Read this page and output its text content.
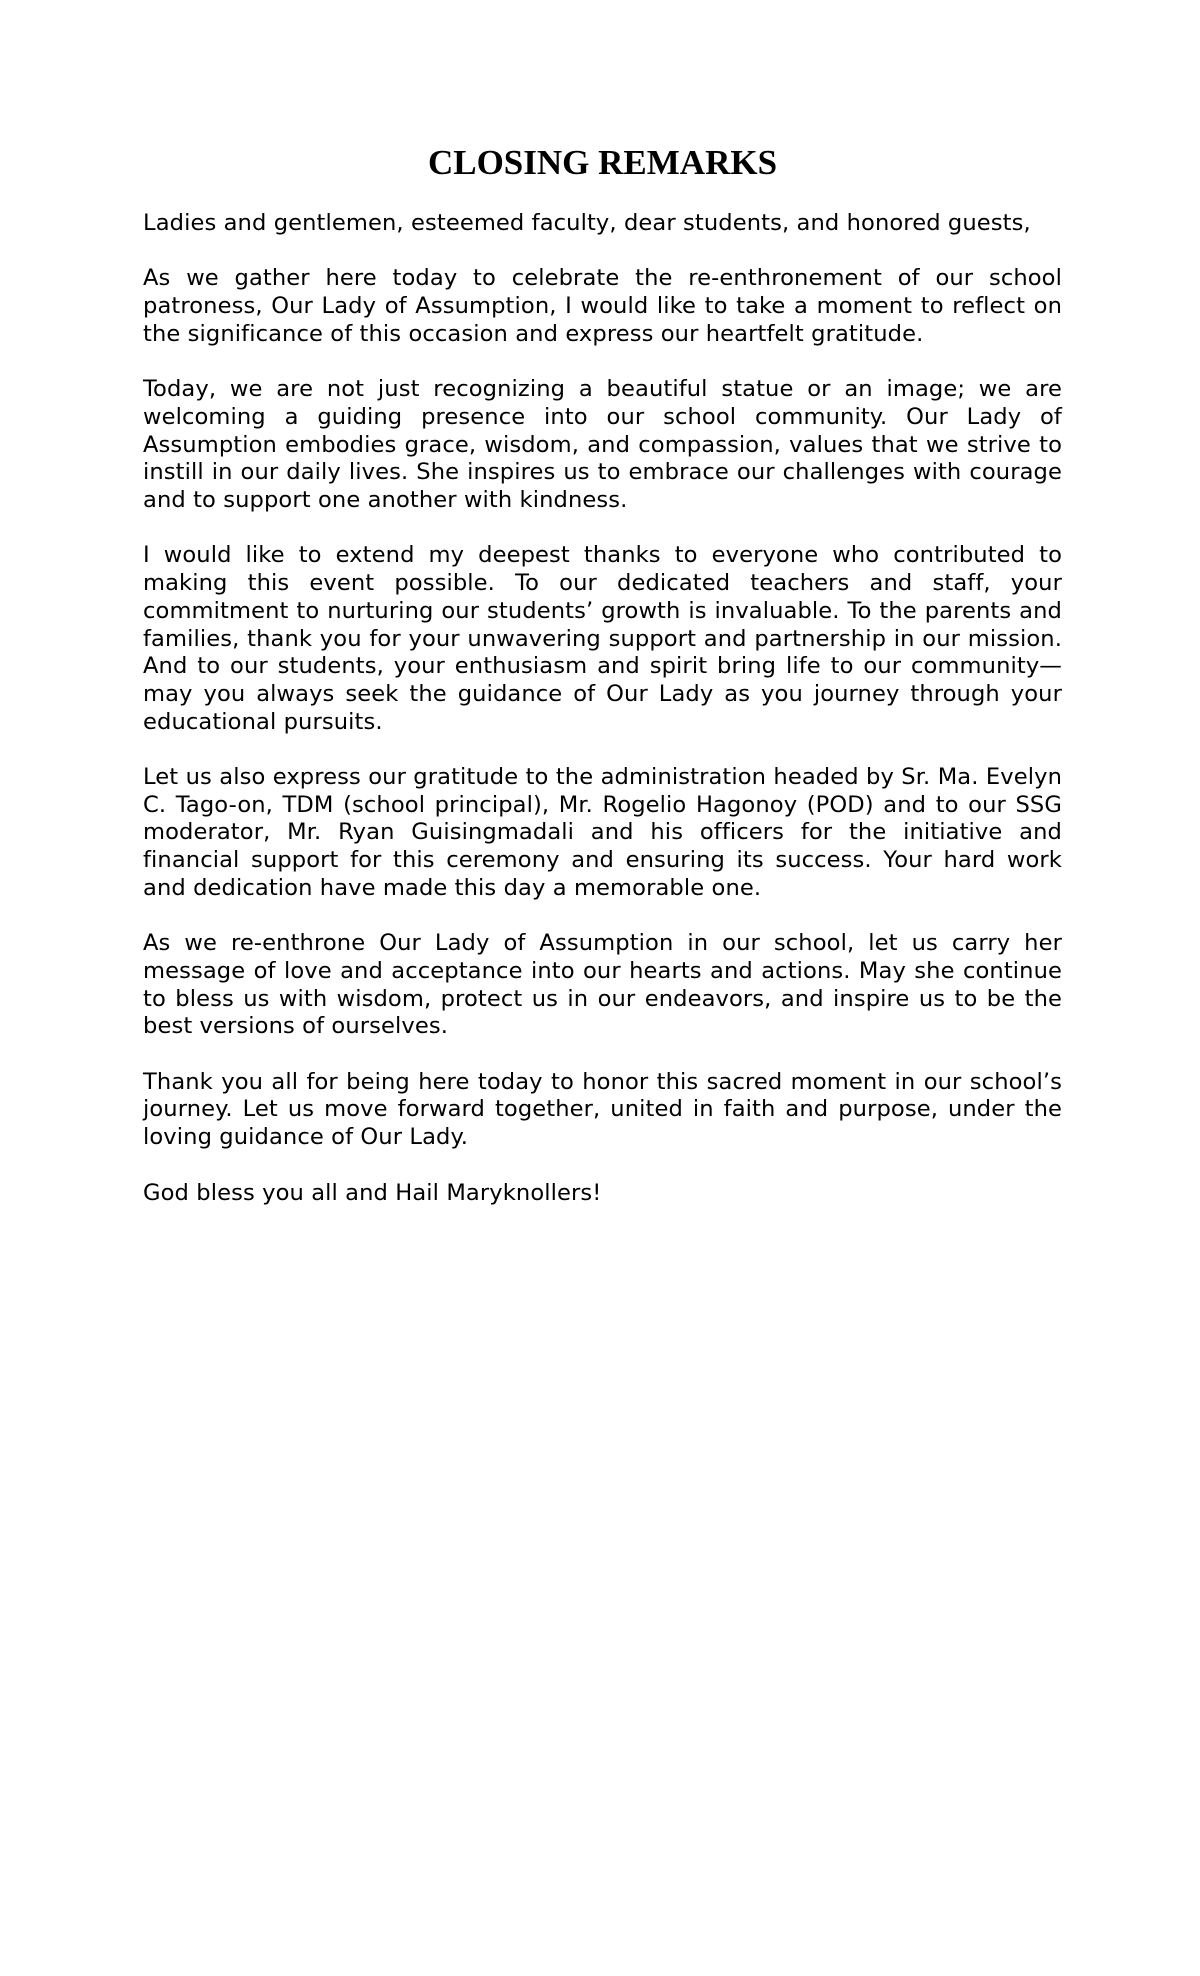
CLOSING REMARKS

Ladies and gentlemen, esteemed faculty, dear students, and honored guests,

As we gather here today to celebrate the re-enthronement of our school patroness, Our Lady of Assumption, I would like to take a moment to reflect on the significance of this occasion and express our heartfelt gratitude.

Today, we are not just recognizing a beautiful statue or an image; we are welcoming a guiding presence into our school community. Our Lady of Assumption embodies grace, wisdom, and compassion, values that we strive to instill in our daily lives. She inspires us to embrace our challenges with courage and to support one another with kindness.

I would like to extend my deepest thanks to everyone who contributed to making this event possible. To our dedicated teachers and staff, your commitment to nurturing our students’ growth is invaluable. To the parents and families, thank you for your unwavering support and partnership in our mission. And to our students, your enthusiasm and spirit bring life to our community—may you always seek the guidance of Our Lady as you journey through your educational pursuits.

Let us also express our gratitude to the administration headed by Sr. Ma. Evelyn C. Tago-on, TDM (school principal), Mr. Rogelio Hagonoy (POD) and to our SSG moderator, Mr. Ryan Guisingmadali and his officers for the initiative and financial support for this ceremony and ensuring its success. Your hard work and dedication have made this day a memorable one.

As we re-enthrone Our Lady of Assumption in our school, let us carry her message of love and acceptance into our hearts and actions. May she continue to bless us with wisdom, protect us in our endeavors, and inspire us to be the best versions of ourselves.

Thank you all for being here today to honor this sacred moment in our school’s journey. Let us move forward together, united in faith and purpose, under the loving guidance of Our Lady.

God bless you all and Hail Maryknollers!
